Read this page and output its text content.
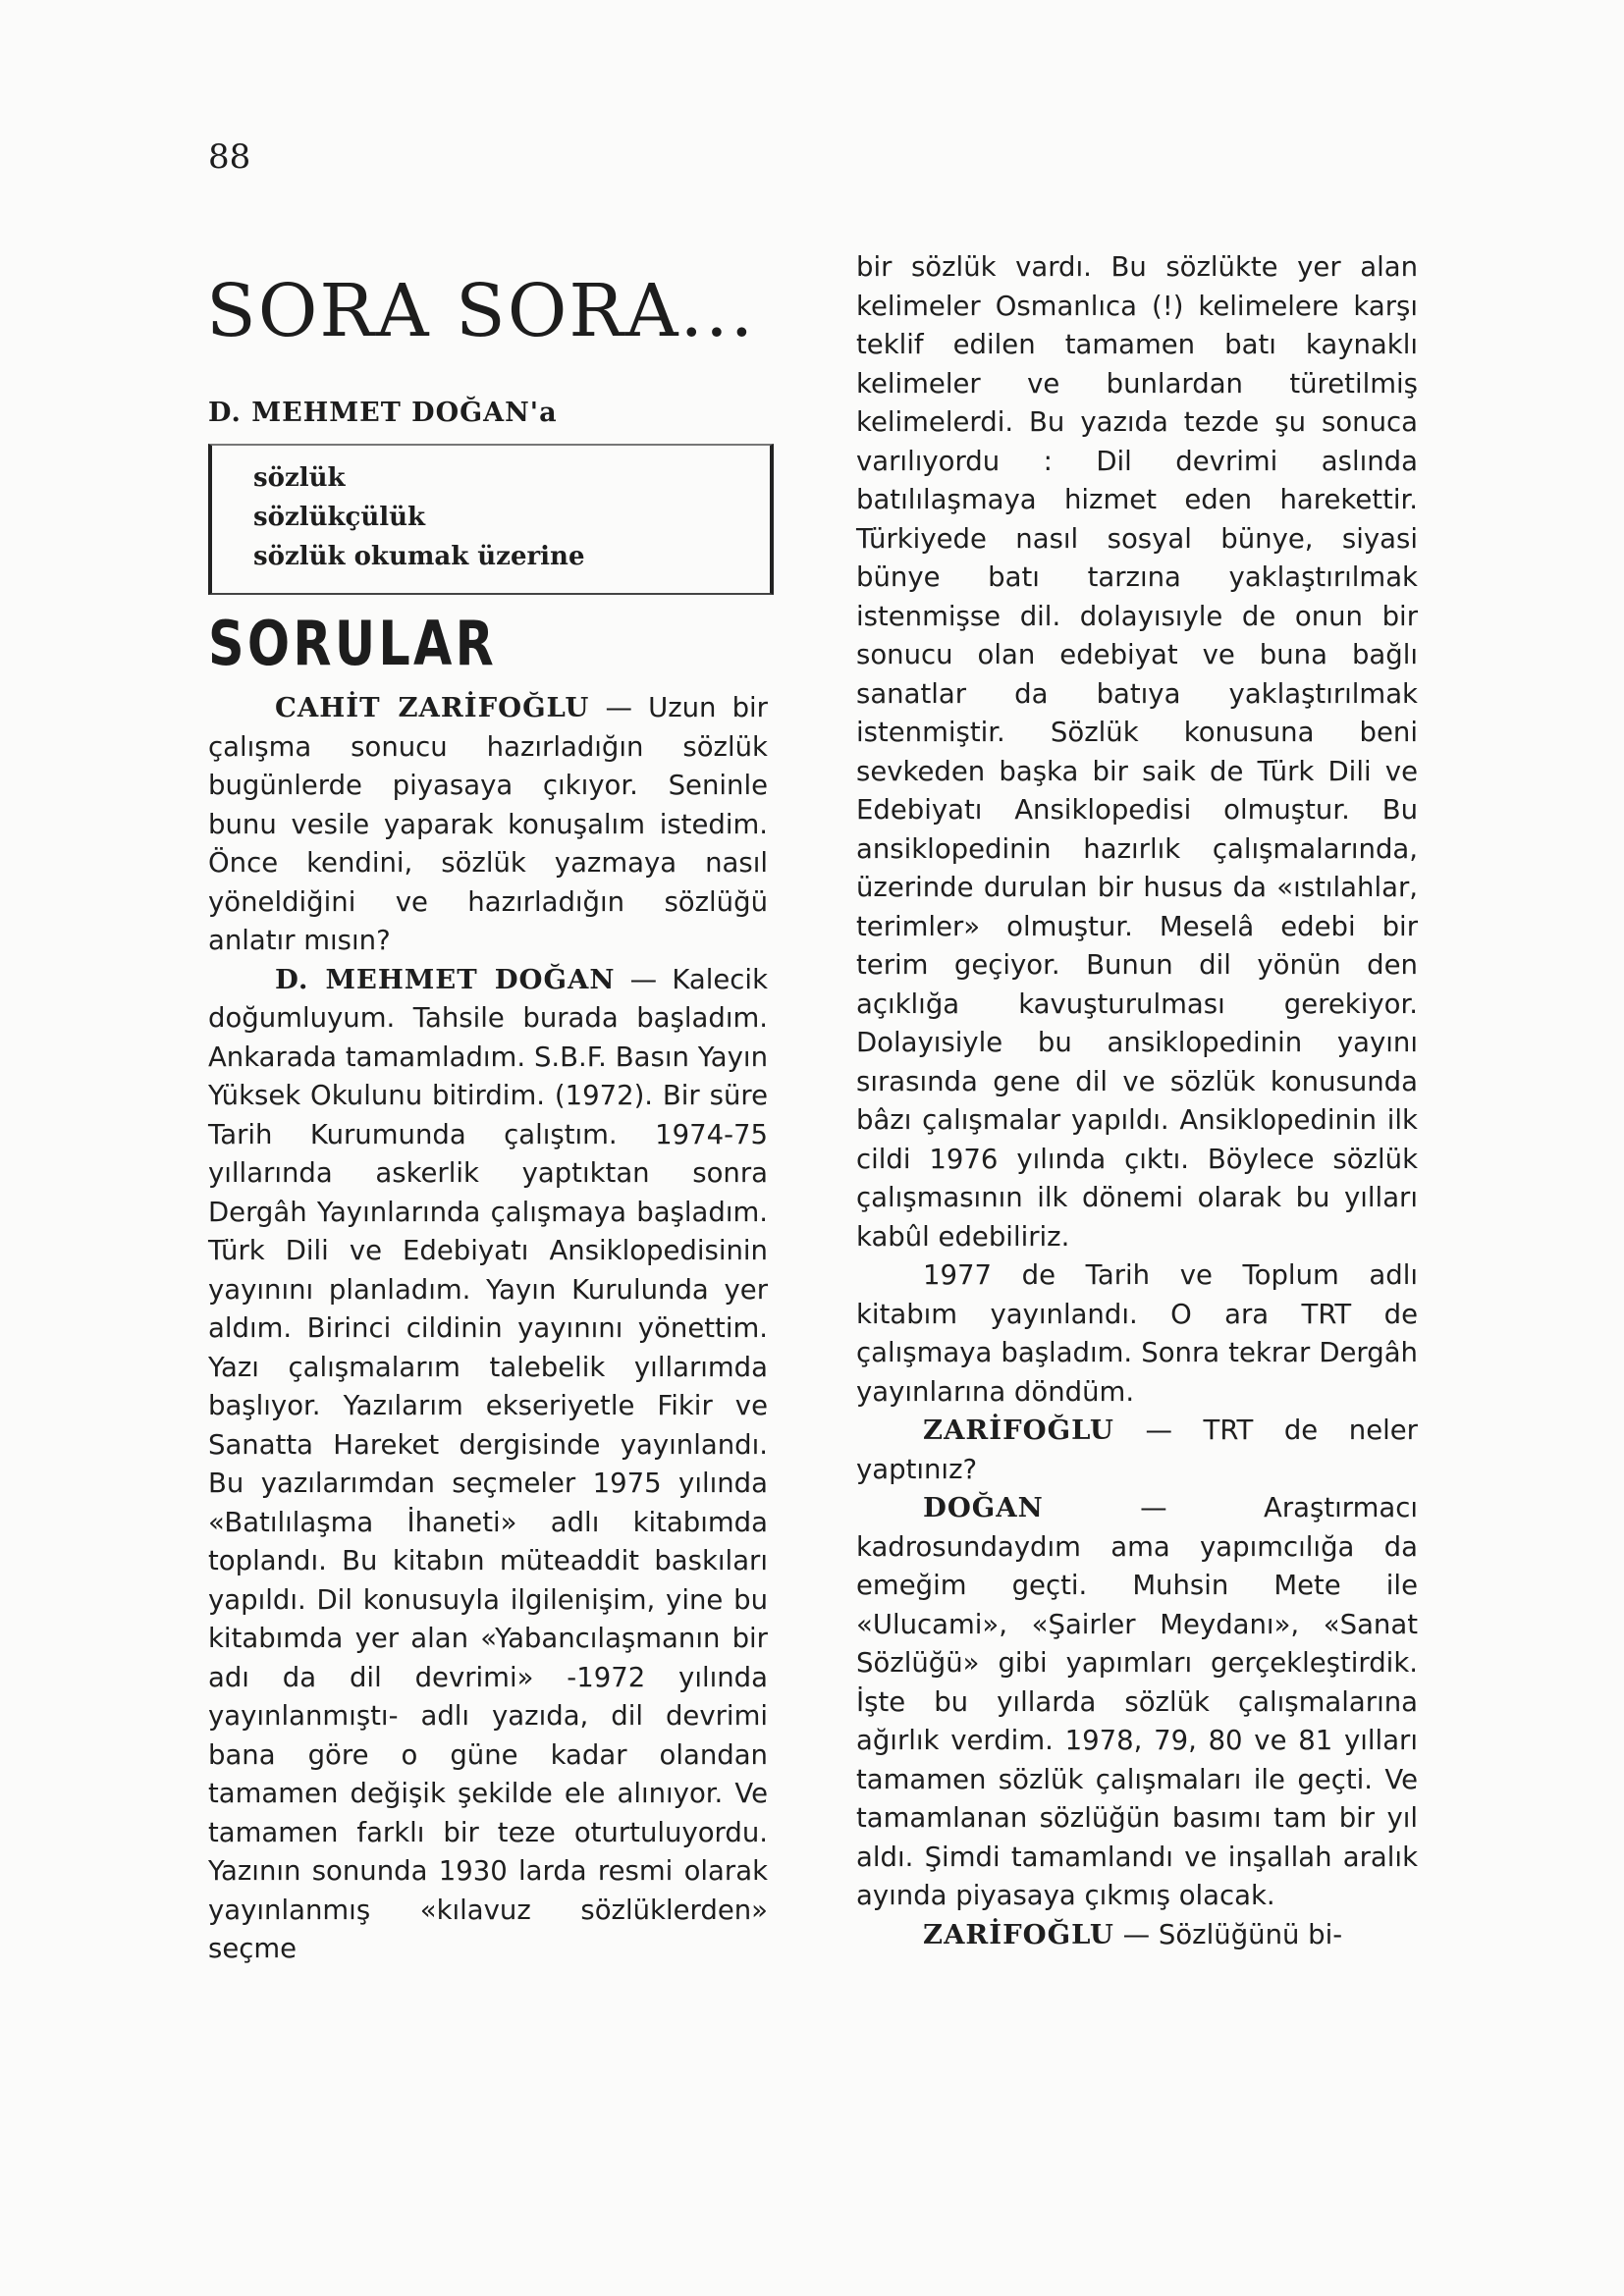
88
SORA SORA...
D. MEHMET DOĞAN'a
sözlük
sözlükçülük
sözlük okumak üzerine
SORULAR

CAHİT ZARİFOĞLU — Uzun bir çalışma sonucu hazırladığın sözlük bugünlerde piyasaya çıkıyor. Seninle bunu vesile yaparak konuşalım istedim. Önce kendini, sözlük yazmaya nasıl yöneldiğini ve hazırladığın sözlüğü anlatır mısın?

D. MEHMET DOĞAN — Kalecik doğumluyum. Tahsile burada başladım. Ankarada tamamladım. S.B.F. Basın Yayın Yüksek Okulunu bitirdim. (1972). Bir süre Tarih Kurumunda çalıştım. 1974-75 yıllarında askerlik yaptıktan sonra Dergâh Yayınlarında çalışmaya başladım. Türk Dili ve Edebiyatı Ansiklopedisinin yayınını planladım. Yayın Kurulunda yer aldım. Birinci cildinin yayınını yönettim. Yazı çalışmalarım talebelik yıllarımda başlıyor. Yazılarım ekseriyetle Fikir ve Sanatta Hareket dergisinde yayınlandı. Bu yazılarımdan seçmeler 1975 yılında «Batılılaşma İhaneti» adlı kitabımda toplandı. Bu kitabın müteaddit baskıları yapıldı. Dil konusuyla ilgilenişim, yine bu kitabımda yer alan «Yabancılaşmanın bir adı da dil devrimi» -1972 yılında yayınlanmıştı- adlı yazıda, dil devrimi bana göre o güne kadar olandan tamamen değişik şekilde ele alınıyor. Ve tamamen farklı bir teze oturtuluyordu. Yazının sonunda 1930 larda resmi olarak yayınlanmış «kılavuz sözlüklerden» seçme

bir sözlük vardı. Bu sözlükte yer alan kelimeler Osmanlıca (!) kelimelere karşı teklif edilen tamamen batı kaynaklı kelimeler ve bunlardan türetilmiş kelimelerdi. Bu yazıda tezde şu sonuca varılıyordu : Dil devrimi aslında batılılaşmaya hizmet eden harekettir. Türkiyede nasıl sosyal bünye, siyasi bünye batı tarzına yaklaştırılmak istenmişse dil. dolayısıyle de onun bir sonucu olan edebiyat ve buna bağlı sanatlar da batıya yaklaştırılmak istenmiştir. Sözlük konusuna beni sevkeden başka bir saik de Türk Dili ve Edebiyatı Ansiklopedisi olmuştur. Bu ansiklopedinin hazırlık çalışmalarında, üzerinde durulan bir husus da «ıstılahlar, terimler» olmuştur. Meselâ edebi bir terim geçiyor. Bunun dil yönün den açıklığa kavuşturulması gerekiyor. Dolayısiyle bu ansiklopedinin yayını sırasında gene dil ve sözlük konusunda bâzı çalışmalar yapıldı. Ansiklopedinin ilk cildi 1976 yılında çıktı. Böylece sözlük çalışmasının ilk dönemi olarak bu yılları kabûl edebiliriz.

1977 de Tarih ve Toplum adlı kitabım yayınlandı. O ara TRT de çalışmaya başladım. Sonra tekrar Dergâh yayınlarına döndüm.

ZARİFOĞLU — TRT de neler yaptınız?

DOĞAN — Araştırmacı kadrosundaydım ama yapımcılığa da emeğim geçti. Muhsin Mete ile «Ulucami», «Şairler Meydanı», «Sanat Sözlüğü» gibi yapımları gerçekleştirdik. İşte bu yıllarda sözlük çalışmalarına ağırlık verdim. 1978, 79, 80 ve 81 yılları tamamen sözlük çalışmaları ile geçti. Ve tamamlanan sözlüğün basımı tam bir yıl aldı. Şimdi tamamlandı ve inşallah aralık ayında piyasaya çıkmış olacak.

ZARİFOĞLU — Sözlüğünü bi-
